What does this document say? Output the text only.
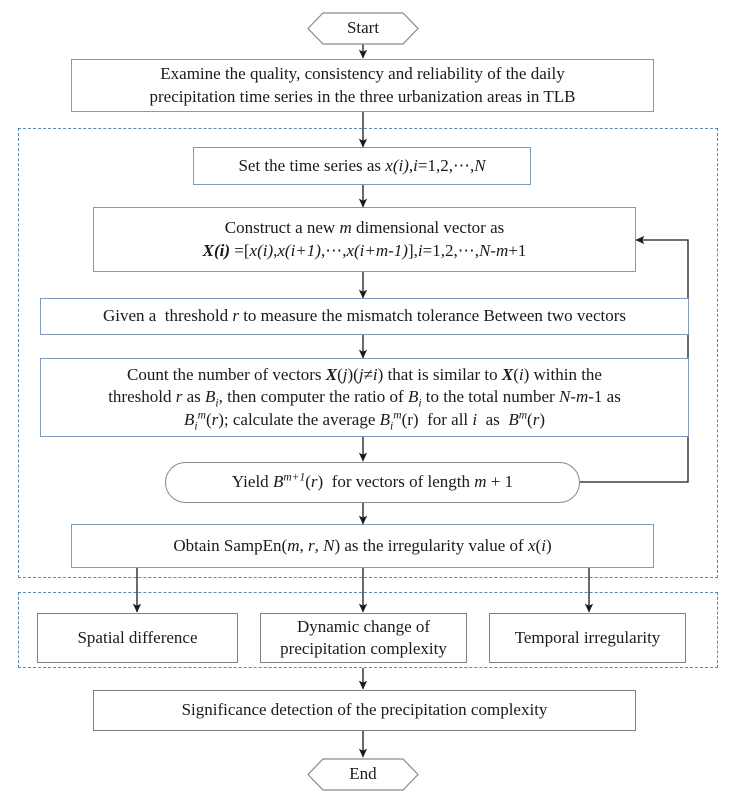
Start
Examine the quality, consistency and reliability of the daily
precipitation time series in the three urbanization areas in TLB
Set the time series as x(i),i=1,2,⋯,N
Construct a new m dimensional vector as
X(i) =[x(i),x(i+1),⋯,x(i+m-1)],i=1,2,⋯,N-m+1
Given a  threshold r to measure the mismatch tolerance Between two vectors
Count the number of vectors X(j)(j≠i) that is similar to X(i) within the
threshold r as $B_i$, then computer the ratio of $B_i$ to the total number N-m-1 as
$B_i^m(r)$; calculate the average $B_i^m(r)$  for all i  as  $B^m(r)$
Yield $B^{m+1}(r)$  for vectors of length m + 1
Obtain SampEn(m, r, N) as the irregularity value of x(i)
Spatial difference
Dynamic change of
precipitation complexity
Temporal irregularity
Significance detection of the precipitation complexity
End
